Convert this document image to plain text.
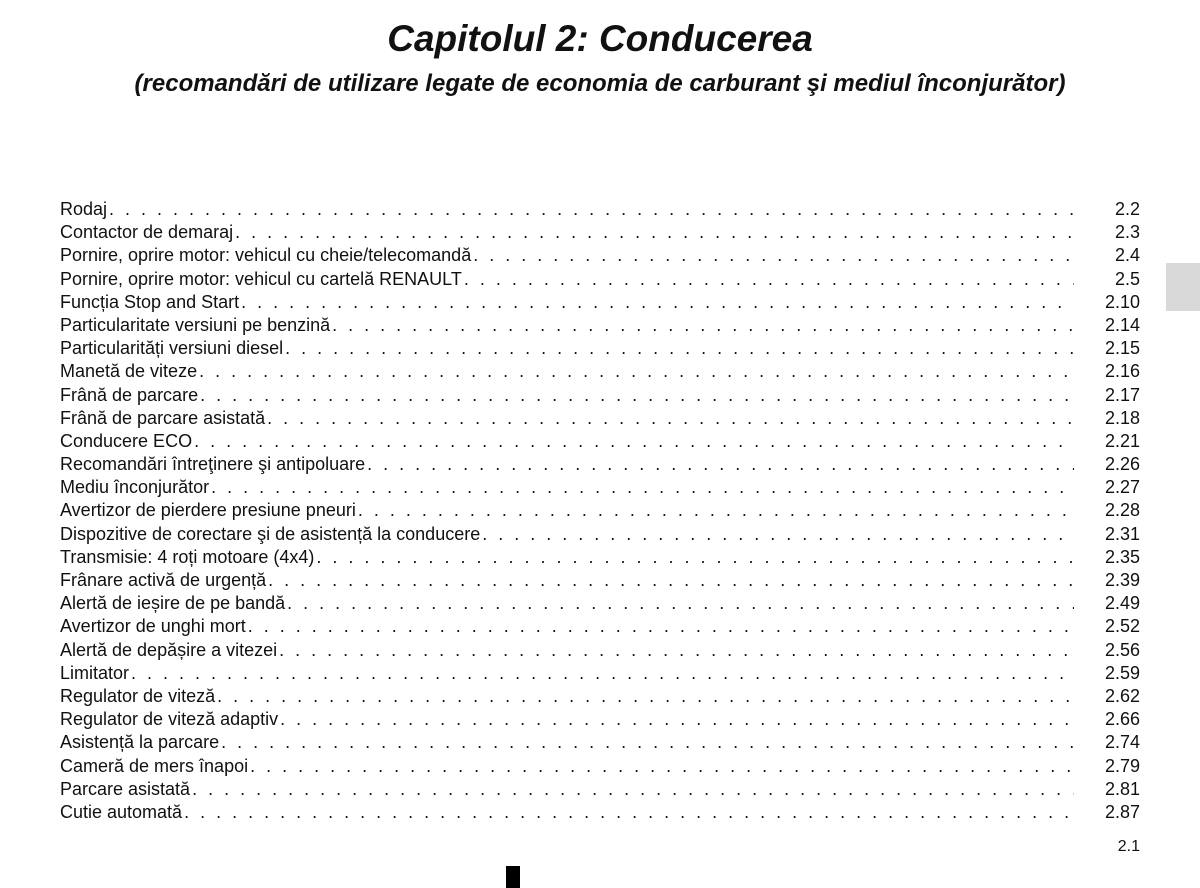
Capitolul 2: Conducerea
(recomandări de utilizare legate de economia de carburant şi mediul înconjurător)
Rodaj . . .	2.2
Contactor de demaraj . . .	2.3
Pornire, oprire motor: vehicul cu cheie/telecomandă . . .	2.4
Pornire, oprire motor: vehicul cu cartelă RENAULT . . .	2.5
Funcția Stop and Start . . .	2.10
Particularitate versiuni pe benzină . . .	2.14
Particularități versiuni diesel . . .	2.15
Manetă de viteze . . .	2.16
Frână de parcare . . .	2.17
Frână de parcare asistată . . .	2.18
Conducere ECO . . .	2.21
Recomandări întreţinere şi antipoluare . . .	2.26
Mediu înconjurător . . .	2.27
Avertizor de pierdere presiune pneuri . . .	2.28
Dispozitive de corectare şi de asistență la conducere . . .	2.31
Transmisie: 4 roți motoare (4x4) . . .	2.35
Frânare activă de urgență . . .	2.39
Alertă de ieșire de pe bandă . . .	2.49
Avertizor de unghi mort . . .	2.52
Alertă de depășire a vitezei . . .	2.56
Limitator . . .	2.59
Regulator de viteză . . .	2.62
Regulator de viteză adaptiv . . .	2.66
Asistență la parcare . . .	2.74
Cameră de mers înapoi . . .	2.79
Parcare asistată . . .	2.81
Cutie automată . . .	2.87
2.1
